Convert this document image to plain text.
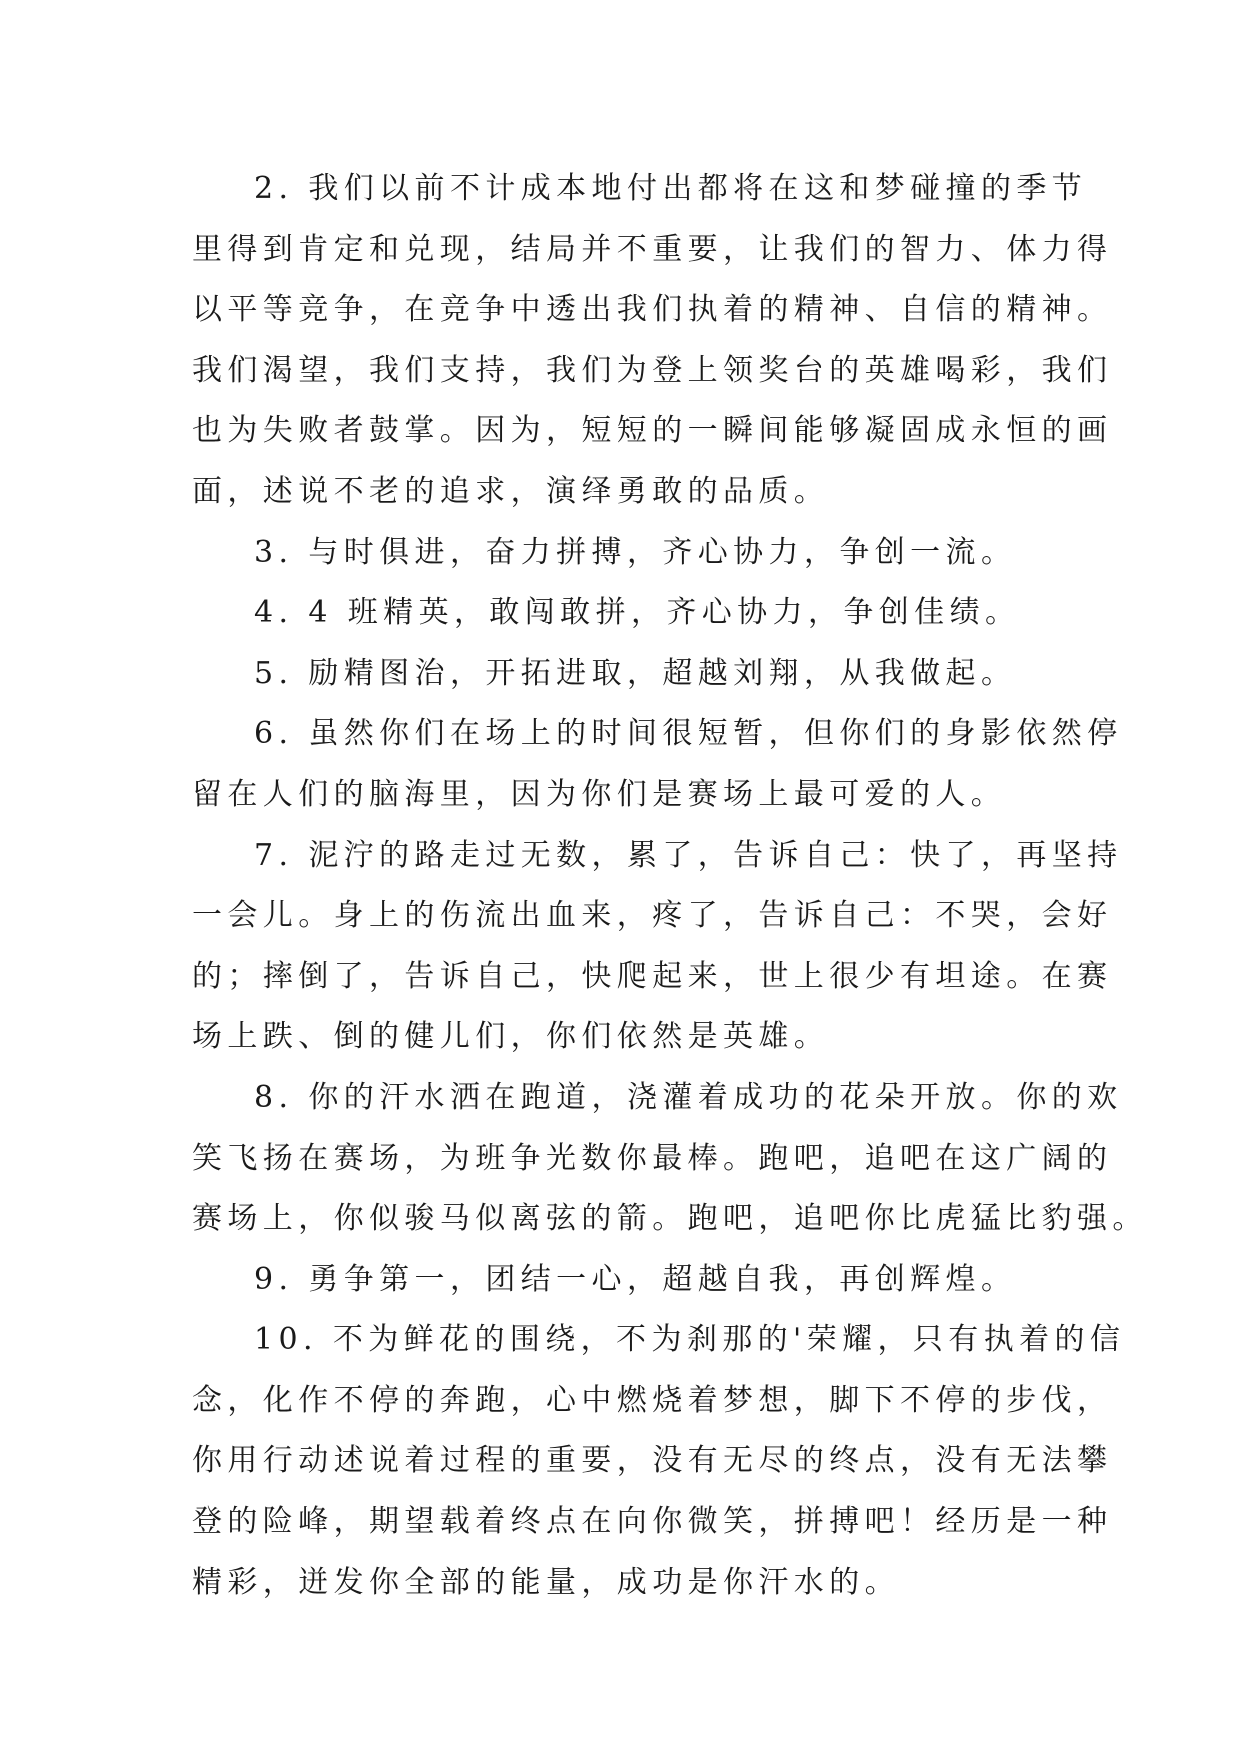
2. 我们以前不计成本地付出都将在这和梦碰撞的季节
里得到肯定和兑现，结局并不重要，让我们的智力、体力得
以平等竞争，在竞争中透出我们执着的精神、自信的精神。
我们渴望，我们支持，我们为登上领奖台的英雄喝彩，我们
也为失败者鼓掌。因为，短短的一瞬间能够凝固成永恒的画
面，述说不老的追求，演绎勇敢的品质。

3. 与时俱进，奋力拼搏，齐心协力，争创一流。

4. 4 班精英，敢闯敢拼，齐心协力，争创佳绩。

5. 励精图治，开拓进取，超越刘翔，从我做起。

6. 虽然你们在场上的时间很短暂，但你们的身影依然停
留在人们的脑海里，因为你们是赛场上最可爱的人。

7. 泥泞的路走过无数，累了，告诉自己：快了，再坚持
一会儿。身上的伤流出血来，疼了，告诉自己：不哭，会好
的；摔倒了，告诉自己，快爬起来，世上很少有坦途。在赛
场上跌、倒的健儿们，你们依然是英雄。

8. 你的汗水洒在跑道，浇灌着成功的花朵开放。你的欢
笑飞扬在赛场，为班争光数你最棒。跑吧，追吧在这广阔的
赛场上，你似骏马似离弦的箭。跑吧，追吧你比虎猛比豹强。

9. 勇争第一，团结一心，超越自我，再创辉煌。

10. 不为鲜花的围绕，不为刹那的'荣耀，只有执着的信
念，化作不停的奔跑，心中燃烧着梦想，脚下不停的步伐，
你用行动述说着过程的重要，没有无尽的终点，没有无法攀
登的险峰，期望载着终点在向你微笑，拼搏吧！经历是一种
精彩，迸发你全部的能量，成功是你汗水的。
